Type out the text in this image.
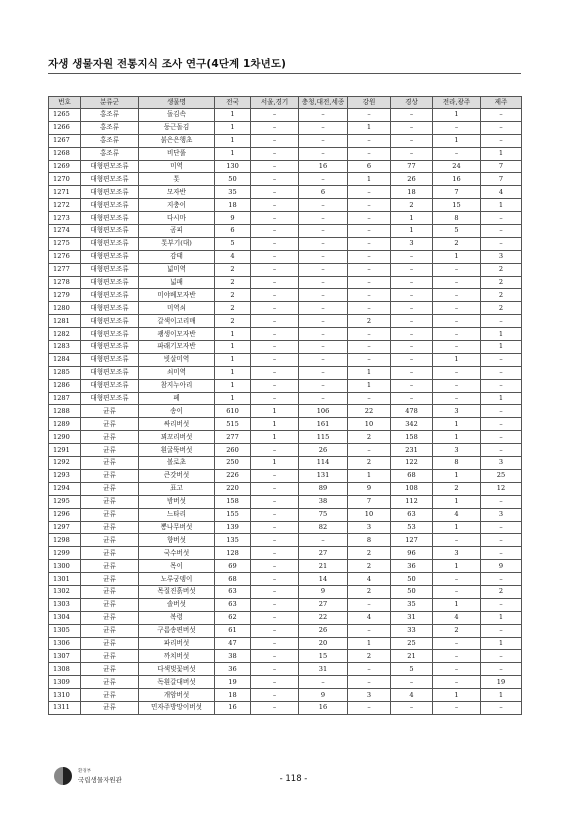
자생 생물자원 전통지식 조사 연구(4단계 1차년도)
번호	분류군	생물명	전국	서울,경기	충청,대전,세종	강원	경상	전라,광주	제주
1265	홍조류	돌김속	1	–	–	–	–	1	–
1266	홍조류	둥근돌김	1	–	–	1	–	–	–
1267	홍조류	붉은은행초	1	–	–	–	–	1	–
1268	홍조류	비단풀	1	–	–	–	–	–	1
1269	대형편모조류	미역	130	–	16	6	77	24	7
1270	대형편모조류	톳	50	–	–	1	26	16	7
1271	대형편모조류	모자반	35	–	6	–	18	7	4
1272	대형편모조류	지충이	18	–	–	–	2	15	1
1273	대형편모조류	다시마	9	–	–	–	1	8	–
1274	대형편모조류	곰피	6	–	–	–	1	5	–
1275	대형편모조류	톳부기(대)	5	–	–	–	3	2	–
1276	대형편모조류	감태	4	–	–	–	–	1	3
1277	대형편모조류	넓미역	2	–	–	–	–	–	2
1278	대형편모조류	넓패	2	–	–	–	–	–	2
1279	대형편모조류	미야베모자반	2	–	–	–	–	–	2
1280	대형편모조류	미역쇠	2	–	–	–	–	–	2
1281	대형편모조류	갈색이고리매	2	–	–	2	–	–	–
1282	대형편모조류	괭생이모자반	1	–	–	–	–	–	1
1283	대형편모조류	파래기모자반	1	–	–	–	–	–	1
1284	대형편모조류	빗살미역	1	–	–	–	–	1	–
1285	대형편모조류	쇠미역	1	–	–	1	–	–	–
1286	대형편모조류	참지누아리	1	–	–	1	–	–	–
1287	대형편모조류	페	1	–	–	–	–	–	1
1288	균류	송이	610	1	106	22	478	3	–
1289	균류	싸리버섯	515	1	161	10	342	1	–
1290	균류	꾀꼬리버섯	277	1	115	2	158	1	–
1291	균류	흰굴뚝버섯	260	–	26	–	231	3	–
1292	균류	볼로초	250	1	114	2	122	8	3
1293	균류	큰갓버섯	226	–	131	1	68	1	25
1294	균류	표고	220	–	89	9	108	2	12
1295	균류	밤버섯	158	–	38	7	112	1	–
1296	균류	느타리	155	–	75	10	63	4	3
1297	균류	뽕나무버섯	139	–	82	3	53	1	–
1298	균류	향버섯	135	–	–	8	127	–	–
1299	균류	국수버섯	128	–	27	2	96	3	–
1300	균류	목이	69	–	21	2	36	1	9
1301	균류	노루궁뎅이	68	–	14	4	50	–	–
1302	균류	목질진흙버섯	63	–	9	2	50	–	2
1303	균류	솔버섯	63	–	27	–	35	1	–
1304	균류	복령	62	–	22	4	31	4	1
1305	균류	구름송편버섯	61	–	26	–	33	2	–
1306	균류	파리버섯	47	–	20	1	25	–	1
1307	균류	까치버섯	38	–	15	2	21	–	–
1308	균류	다색벚꽃버섯	36	–	31	–	5	–	–
1309	균류	독흰갈대버섯	19	–	–	–	–	–	19
1310	균류	개암버섯	18	–	9	3	4	1	1
1311	균류	민자주방망이버섯	16	–	16	–	–	–	–
환경부
국립생물자원관	- 118 -
